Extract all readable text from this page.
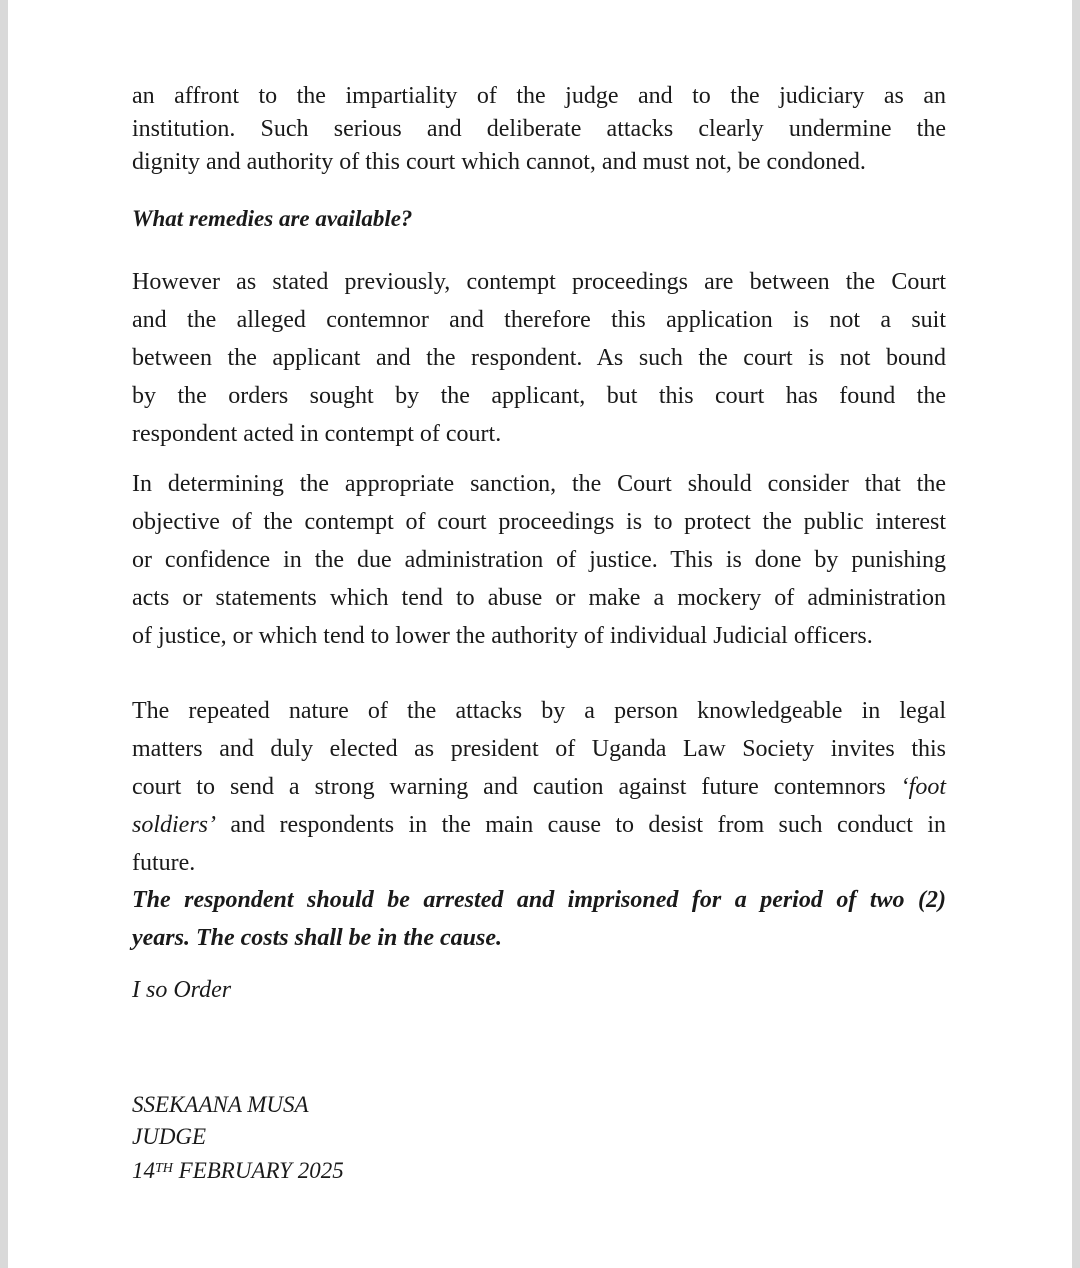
an affront to the impartiality of the judge and to the judiciary as an
institution. Such serious and deliberate attacks clearly undermine the
dignity and authority of this court which cannot, and must not, be condoned.
What remedies are available?
However as stated previously, contempt proceedings are between the Court
and the alleged contemnor and therefore this application is not a suit
between the applicant and the respondent. As such the court is not bound
by the orders sought by the applicant, but this court has found the
respondent acted in contempt of court.
In determining the appropriate sanction, the Court should consider that the
objective of the contempt of court proceedings is to protect the public interest
or confidence in the due administration of justice. This is done by punishing
acts or statements which tend to abuse or make a mockery of administration
of justice, or which tend to lower the authority of individual Judicial officers.
The repeated nature of the attacks by a person knowledgeable in legal
matters and duly elected as president of Uganda Law Society invites this
court to send a strong warning and caution against future contemnors ‘foot
soldiers’ and respondents in the main cause to desist from such conduct in
future.
The respondent should be arrested and imprisoned for a period of two (2)
years. The costs shall be in the cause.
I so Order
SSEKAANA MUSA
JUDGE
14TH FEBRUARY 2025
